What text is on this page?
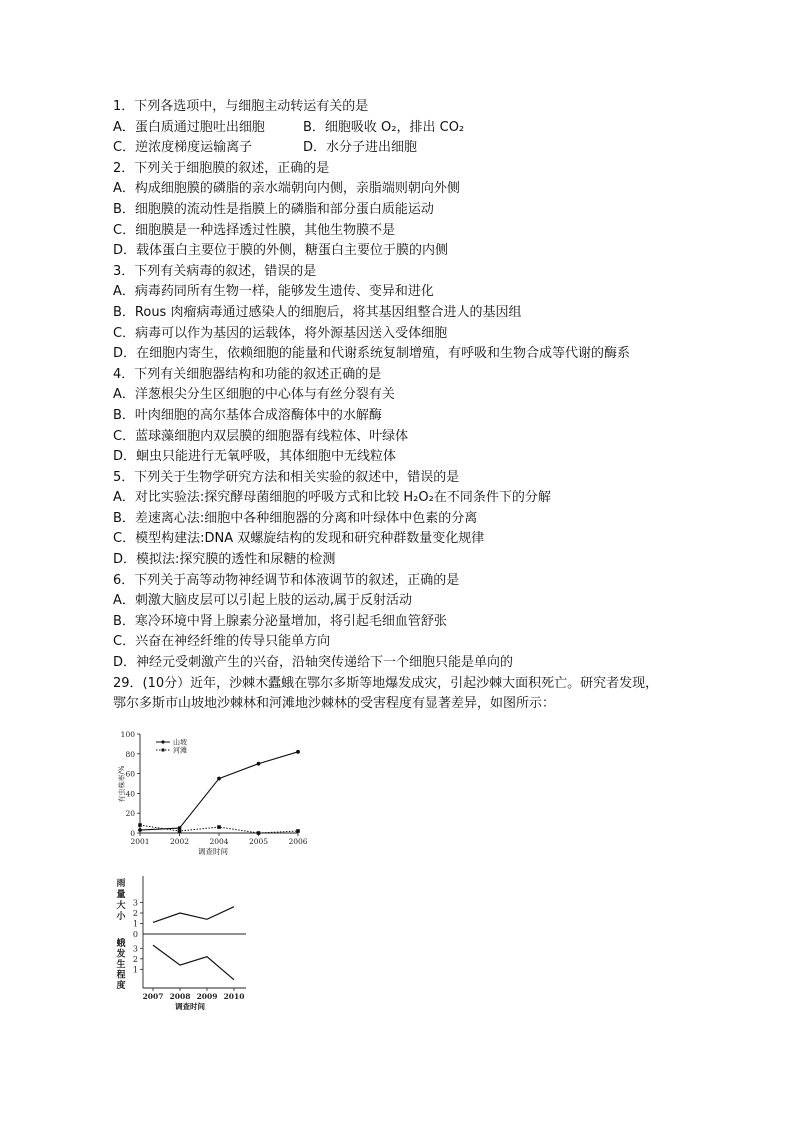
1．下列各选项中，与细胞主动转运有关的是
A．蛋白质通过胞吐出细胞	B．细胞吸收 O₂，排出 CO₂
C．逆浓度梯度运输离子	D．水分子进出细胞
2．下列关于细胞膜的叙述，正确的是
A．构成细胞膜的磷脂的亲水端朝向内侧，亲脂端则朝向外侧
B．细胞膜的流动性是指膜上的磷脂和部分蛋白质能运动
C．细胞膜是一种选择透过性膜，其他生物膜不是
D．载体蛋白主要位于膜的外侧，糖蛋白主要位于膜的内侧
3．下列有关病毒的叙述，错误的是
A．病毒药同所有生物一样，能够发生遗传、变异和进化
B．Rous 肉瘤病毒通过感染人的细胞后，将其基因组整合进人的基因组
C．病毒可以作为基因的运载体，将外源基因送入受体细胞
D．在细胞内寄生，依赖细胞的能量和代谢系统复制增殖，有呼吸和生物合成等代谢的酶系
4．下列有关细胞器结构和功能的叙述正确的是
A．洋葱根尖分生区细胞的中心体与有丝分裂有关
B．叶肉细胞的高尔基体合成溶酶体中的水解酶
C．蓝球藻细胞内双层膜的细胞器有线粒体、叶绿体
D．蛔虫只能进行无氧呼吸，其体细胞中无线粒体
5．下列关于生物学研究方法和相关实验的叙述中，错误的是
A．对比实验法:探究酵母菌细胞的呼吸方式和比较 H₂O₂在不同条件下的分解
B．差速离心法:细胞中各种细胞器的分离和叶绿体中色素的分离
C．模型构建法:DNA 双螺旋结构的发现和研究种群数量变化规律
D．模拟法:探究膜的透性和尿糖的检测
6．下列关于高等动物神经调节和体液调节的叙述，正确的是
A．刺激大脑皮层可以引起上肢的运动,属于反射活动
B．寒冷环境中肾上腺素分泌量增加，将引起毛细血管舒张
C．兴奋在神经纤维的传导只能单方向
D．神经元受刺激产生的兴奋，沿轴突传递给下一个细胞只能是单向的
29．(10分）近年，沙棘木蠹蛾在鄂尔多斯等地爆发成灾，引起沙棘大面积死亡。研究者发现，
鄂尔多斯市山坡地沙棘林和河滩地沙棘林的受害程度有显著差异，如图所示：
0
20
40
60
80
100
2001	2002	2004	2005	2006
调查时间
有虫株率/%
山坡
河滩
3
2
1
0
3
2
1
雨
量
大
小
蛾
发
生
程
度
2007 2008 2009 2010
调查时间
